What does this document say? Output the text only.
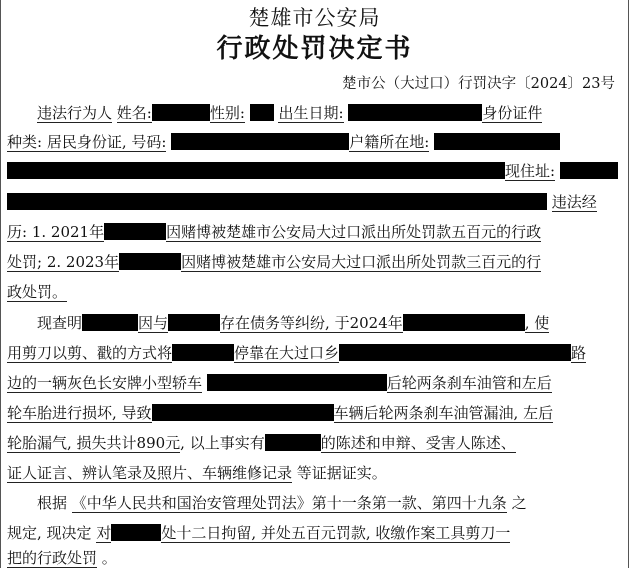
楚雄市公安局
行政处罚决定书
楚市公（大过口）行罚决字〔2024〕23号
违法行为人 姓名:	性别: 出生日期:	身份证件
种类: 居民身份证, 号码:	户籍所在地:
现住址:
违法经
历: 1. 2021年	因赌博被楚雄市公安局大过口派出所处罚款五百元的行政
处罚; 2. 2023年	因赌博被楚雄市公安局大过口派出所处罚款三百元的行
政处罚。
现查明	因与	存在债务等纠纷, 于2024年	, 使
用剪刀以剪、戳的方式将	停靠在大过口乡	路
边的一辆灰色长安牌小型轿车	后轮两条刹车油管和左后
轮车胎进行损坏, 导致	车辆后轮两条刹车油管漏油, 左后
轮胎漏气, 损失共计890元, 以上事实有	的陈述和申辩、受害人陈述、
证人证言、辨认笔录及照片、车辆维修记录 等证据证实。
根据 《中华人民共和国治安管理处罚法》第十一条第一款、第四十九条 之
规定, 现决定 对	处十二日拘留, 并处五百元罚款, 收缴作案工具剪刀一
把的行政处罚 。
